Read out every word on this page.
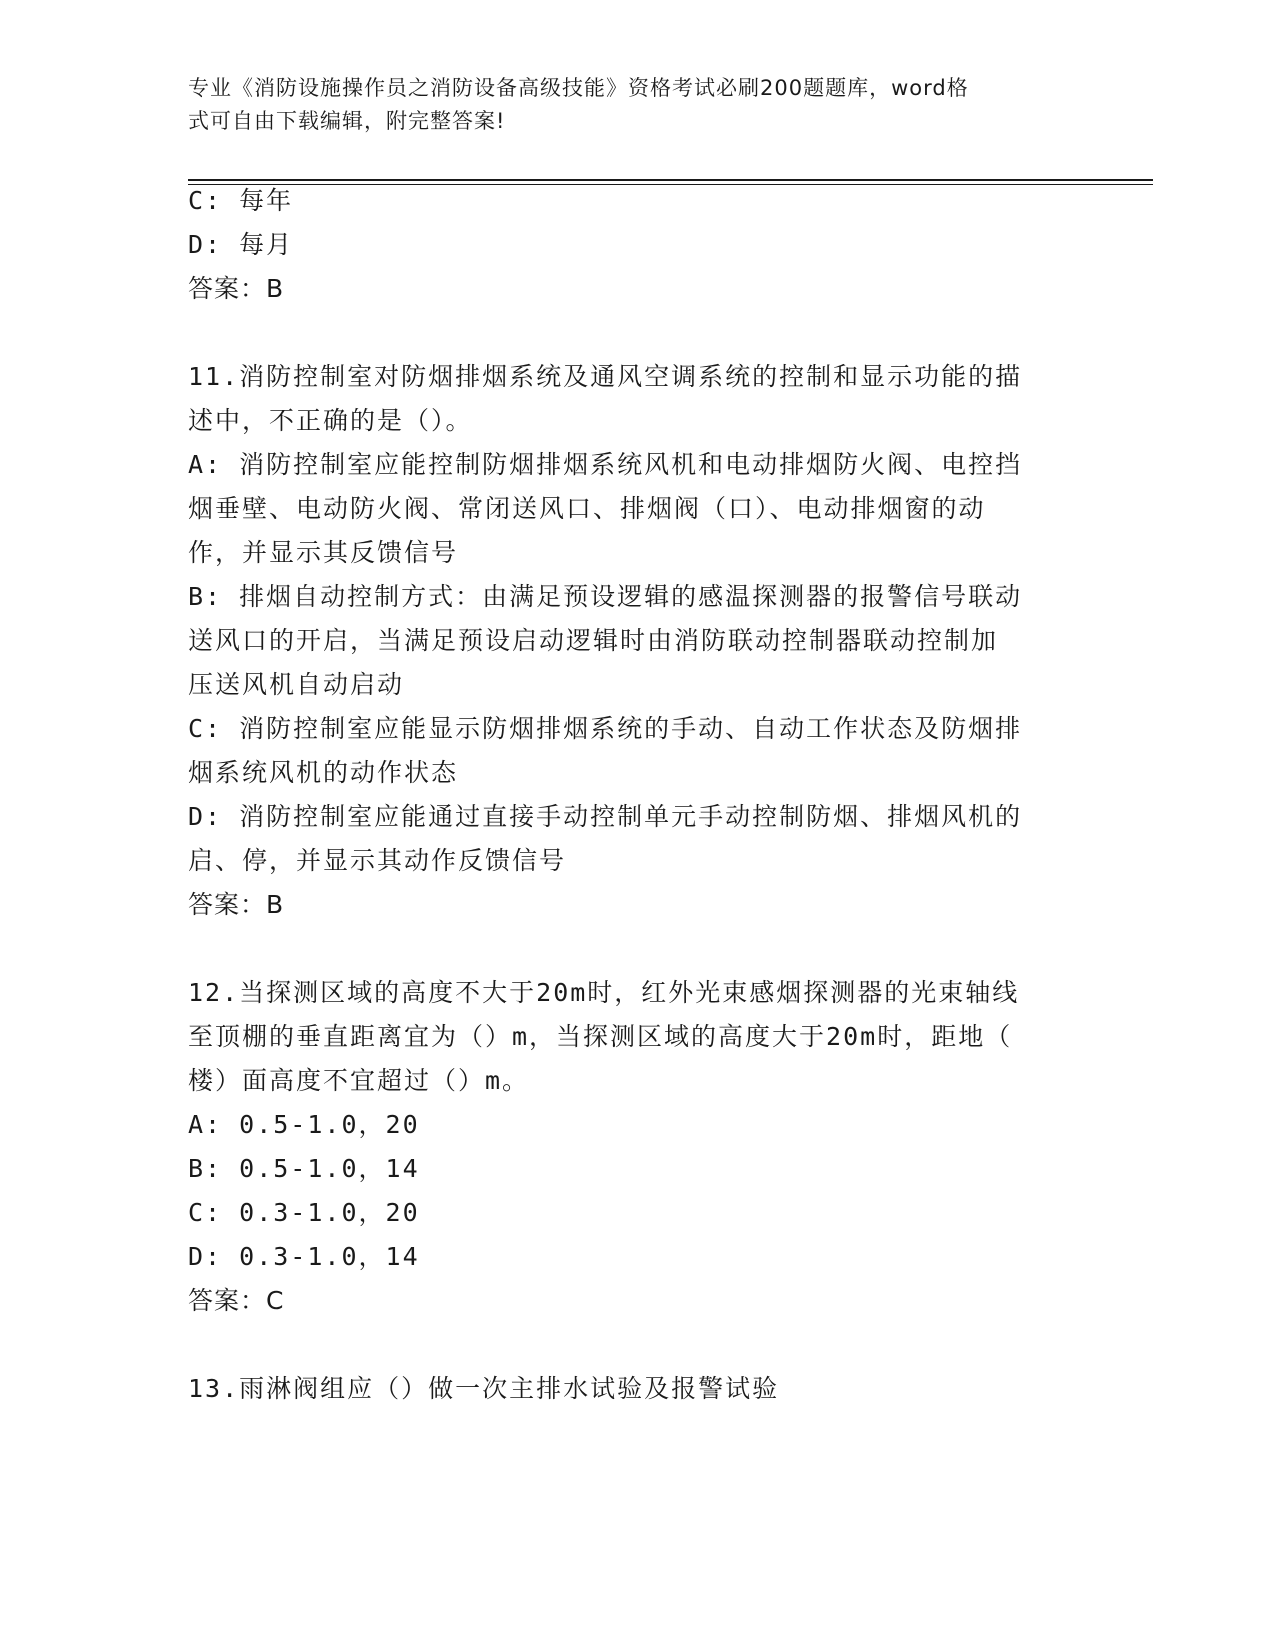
专业《消防设施操作员之消防设备高级技能》资格考试必刷200题题库，word格
式可自由下载编辑，附完整答案!
C: 每年
D: 每月
答案：B
11.消防控制室对防烟排烟系统及通风空调系统的控制和显示功能的描
述中，不正确的是（）。
A: 消防控制室应能控制防烟排烟系统风机和电动排烟防火阀、电控挡
烟垂壁、电动防火阀、常闭送风口、排烟阀（口）、电动排烟窗的动
作，并显示其反馈信号
B: 排烟自动控制方式：由满足预设逻辑的感温探测器的报警信号联动
送风口的开启，当满足预设启动逻辑时由消防联动控制器联动控制加
压送风机自动启动
C: 消防控制室应能显示防烟排烟系统的手动、自动工作状态及防烟排
烟系统风机的动作状态
D: 消防控制室应能通过直接手动控制单元手动控制防烟、排烟风机的
启、停，并显示其动作反馈信号
答案：B
12.当探测区域的高度不大于20m时，红外光束感烟探测器的光束轴线
至顶棚的垂直距离宜为（）m，当探测区域的高度大于20m时，距地（
楼）面高度不宜超过（）m。
A: 0.5-1.0，20
B: 0.5-1.0，14
C: 0.3-1.0，20
D: 0.3-1.0，14
答案：C
13.雨淋阀组应（）做一次主排水试验及报警试验
